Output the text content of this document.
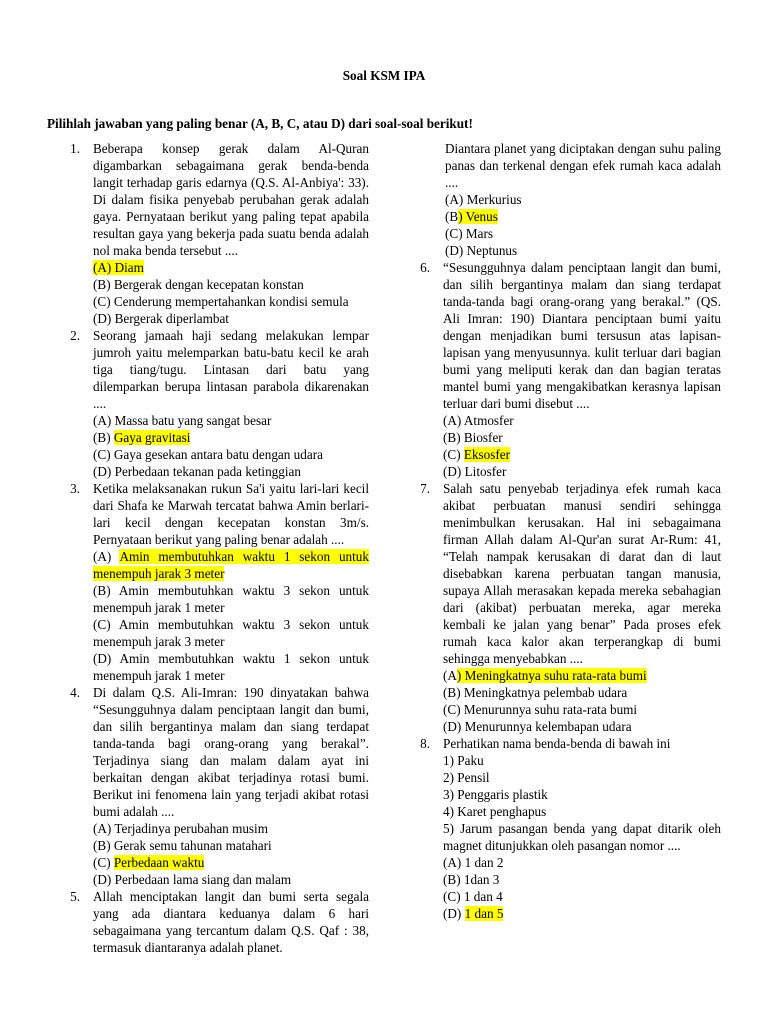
Soal KSM IPA
Pilihlah jawaban yang paling benar (A, B, C, atau D) dari soal-soal berikut!
1. Beberapa konsep gerak dalam Al-Quran digambarkan sebagaimana gerak benda-benda langit terhadap garis edarnya (Q.S. Al-Anbiya': 33). Di dalam fisika penyebab perubahan gerak adalah gaya. Pernyataan berikut yang paling tepat apabila resultan gaya yang bekerja pada suatu benda adalah nol maka benda tersebut ....
(A) Diam
(B) Bergerak dengan kecepatan konstan
(C) Cenderung mempertahankan kondisi semula
(D) Bergerak diperlambat
2. Seorang jamaah haji sedang melakukan lempar jumroh yaitu melemparkan batu-batu kecil ke arah tiga tiang/tugu. Lintasan dari batu yang dilemparkan berupa lintasan parabola dikarenakan ....
(A) Massa batu yang sangat besar
(B) Gaya gravitasi
(C) Gaya gesekan antara batu dengan udara
(D) Perbedaan tekanan pada ketinggian
3. Ketika melaksanakan rukun Sa'i yaitu lari-lari kecil dari Shafa ke Marwah tercatat bahwa Amin berlari-lari kecil dengan kecepatan konstan 3m/s. Pernyataan berikut yang paling benar adalah ....
(A) Amin membutuhkan waktu 1 sekon untuk menempuh jarak 3 meter
(B) Amin membutuhkan waktu 3 sekon untuk menempuh jarak 1 meter
(C) Amin membutuhkan waktu 3 sekon untuk menempuh jarak 3 meter
(D) Amin membutuhkan waktu 1 sekon untuk menempuh jarak 1 meter
4. Di dalam Q.S. Ali-Imran: 190 dinyatakan bahwa “Sesungguhnya dalam penciptaan langit dan bumi, dan silih bergantinya malam dan siang terdapat tanda-tanda bagi orang-orang yang berakal”. Terjadinya siang dan malam dalam ayat ini berkaitan dengan akibat terjadinya rotasi bumi. Berikut ini fenomena lain yang terjadi akibat rotasi bumi adalah ....
(A) Terjadinya perubahan musim
(B) Gerak semu tahunan matahari
(C) Perbedaan waktu
(D) Perbedaan lama siang dan malam
5. Allah menciptakan langit dan bumi serta segala yang ada diantara keduanya dalam 6 hari sebagaimana yang tercantum dalam Q.S. Qaf : 38, termasuk diantaranya adalah planet.
Diantara planet yang diciptakan dengan suhu paling panas dan terkenal dengan efek rumah kaca adalah ....
(A) Merkurius
(B) Venus
(C) Mars
(D) Neptunus
6. “Sesungguhnya dalam penciptaan langit dan bumi, dan silih bergantinya malam dan siang terdapat tanda-tanda bagi orang-orang yang berakal.” (QS. Ali Imran: 190) Diantara penciptaan bumi yaitu dengan menjadikan bumi tersusun atas lapisan-lapisan yang menyusunnya. kulit terluar dari bagian bumi yang meliputi kerak dan dan bagian teratas mantel bumi yang mengakibatkan kerasnya lapisan terluar dari bumi disebut ....
(A) Atmosfer
(B) Biosfer
(C) Eksosfer
(D) Litosfer
7. Salah satu penyebab terjadinya efek rumah kaca akibat perbuatan manusi sendiri sehingga menimbulkan kerusakan. Hal ini sebagaimana firman Allah dalam Al-Qur'an surat Ar-Rum: 41, “Telah nampak kerusakan di darat dan di laut disebabkan karena perbuatan tangan manusia, supaya Allah merasakan kepada mereka sebahagian dari (akibat) perbuatan mereka, agar mereka kembali ke jalan yang benar” Pada proses efek rumah kaca kalor akan terperangkap di bumi sehingga menyebabkan ....
(A) Meningkatnya suhu rata-rata bumi
(B) Meningkatnya pelembab udara
(C) Menurunnya suhu rata-rata bumi
(D) Menurunnya kelembapan udara
8. Perhatikan nama benda-benda di bawah ini
1) Paku
2) Pensil
3) Penggaris plastik
4) Karet penghapus
5) Jarum pasangan benda yang dapat ditarik oleh magnet ditunjukkan oleh pasangan nomor ....
(A) 1 dan 2
(B) 1dan 3
(C) 1 dan 4
(D) 1 dan 5
